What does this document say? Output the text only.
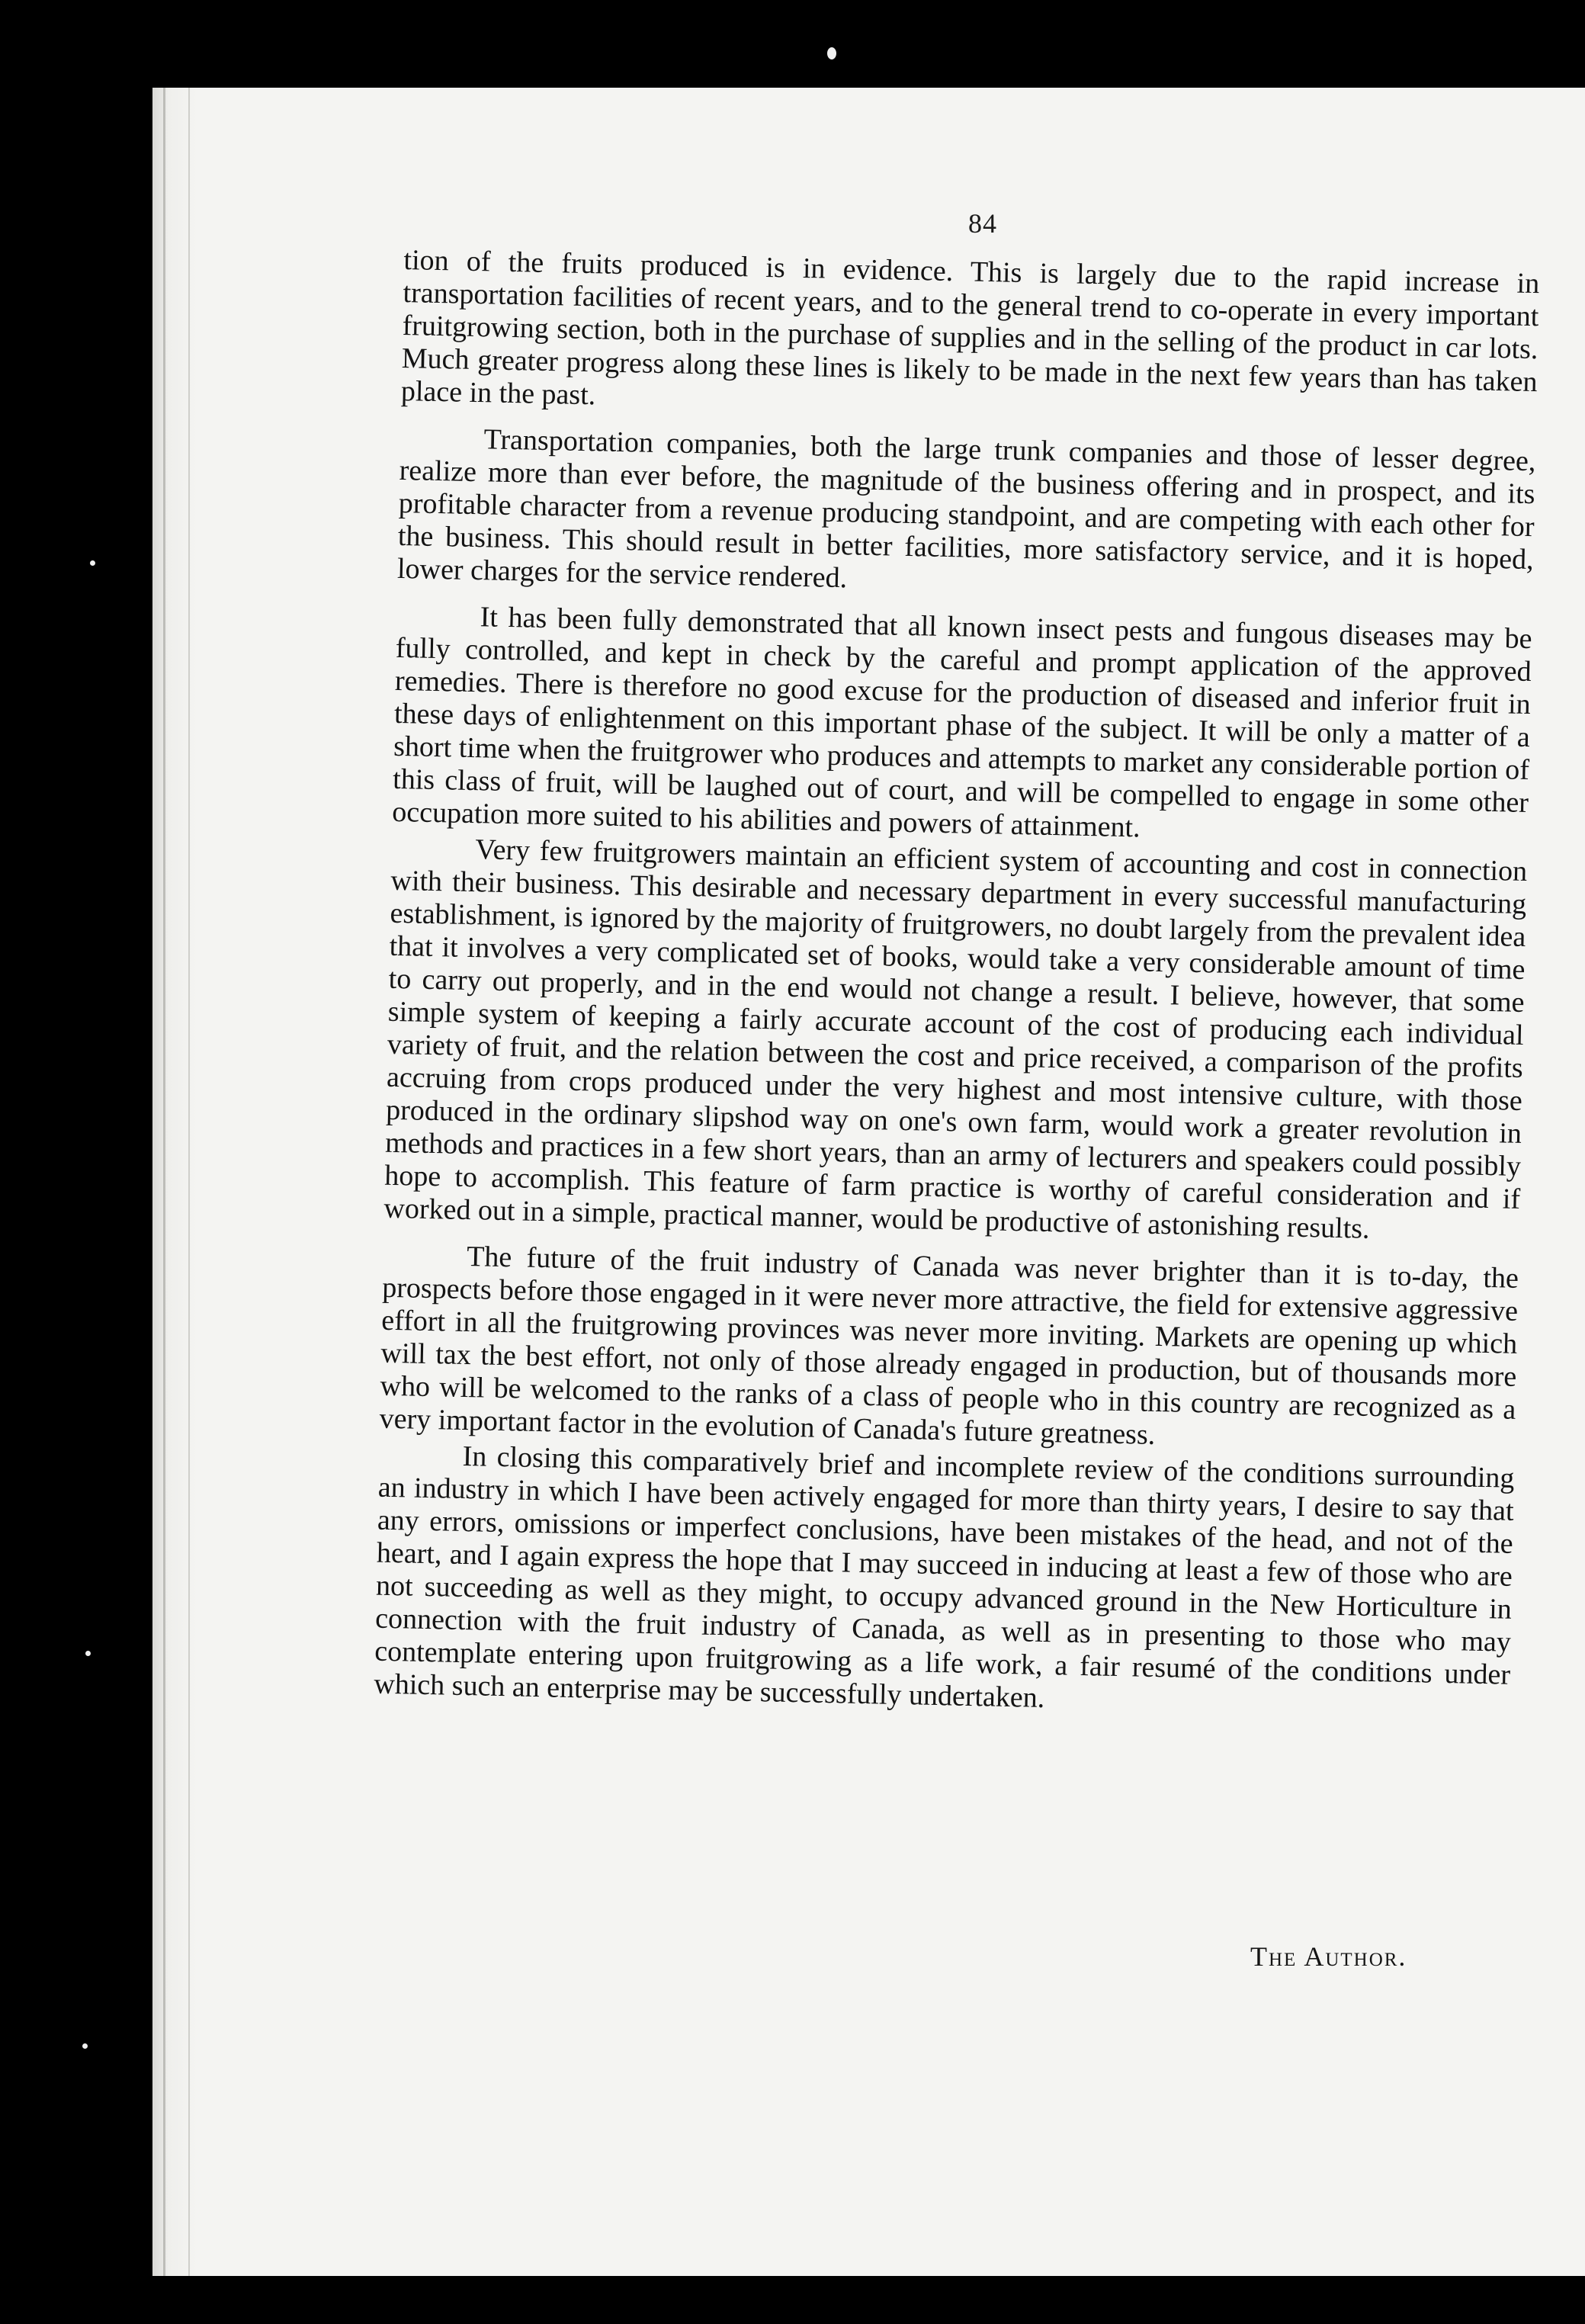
84

tion of the fruits produced is in evidence. This is largely due to the rapid increase in transportation facilities of recent years, and to the general trend to co-operate in every important fruitgrowing section, both in the purchase of supplies and in the selling of the product in car lots. Much greater progress along these lines is likely to be made in the next few years than has taken place in the past.

Transportation companies, both the large trunk companies and those of lesser degree, realize more than ever before, the magnitude of the business offering and in prospect, and its profitable character from a revenue producing standpoint, and are competing with each other for the business. This should result in better facilities, more satisfactory service, and it is hoped, lower charges for the service rendered.

It has been fully demonstrated that all known insect pests and fungous diseases may be fully controlled, and kept in check by the careful and prompt application of the approved remedies. There is therefore no good excuse for the production of diseased and inferior fruit in these days of enlightenment on this important phase of the subject. It will be only a matter of a short time when the fruitgrower who produces and attempts to market any considerable portion of this class of fruit, will be laughed out of court, and will be compelled to engage in some other occupation more suited to his abilities and powers of attainment.

Very few fruitgrowers maintain an efficient system of accounting and cost in connection with their business. This desirable and necessary department in every successful manufacturing establishment, is ignored by the majority of fruitgrowers, no doubt largely from the prevalent idea that it involves a very complicated set of books, would take a very considerable amount of time to carry out properly, and in the end would not change a result. I believe, however, that some simple system of keeping a fairly accurate account of the cost of producing each individual variety of fruit, and the relation between the cost and price received, a comparison of the profits accruing from crops produced under the very highest and most intensive culture, with those produced in the ordinary slipshod way on one's own farm, would work a greater revolution in methods and practices in a few short years, than an army of lecturers and speakers could possibly hope to accomplish. This feature of farm practice is worthy of careful consideration and if worked out in a simple, practical manner, would be productive of astonishing results.

The future of the fruit industry of Canada was never brighter than it is to-day, the prospects before those engaged in it were never more attractive, the field for extensive aggressive effort in all the fruitgrowing provinces was never more inviting. Markets are opening up which will tax the best effort, not only of those already engaged in production, but of thousands more who will be welcomed to the ranks of a class of people who in this country are recognized as a very important factor in the evolution of Canada's future greatness.

In closing this comparatively brief and incomplete review of the conditions surrounding an industry in which I have been actively engaged for more than thirty years, I desire to say that any errors, omissions or imperfect conclusions, have been mistakes of the head, and not of the heart, and I again express the hope that I may succeed in inducing at least a few of those who are not succeeding as well as they might, to occupy advanced ground in the New Horticulture in connection with the fruit industry of Canada, as well as in presenting to those who may contemplate entering upon fruitgrowing as a life work, a fair resumé of the conditions under which such an enterprise may be successfully undertaken.

The Author.
